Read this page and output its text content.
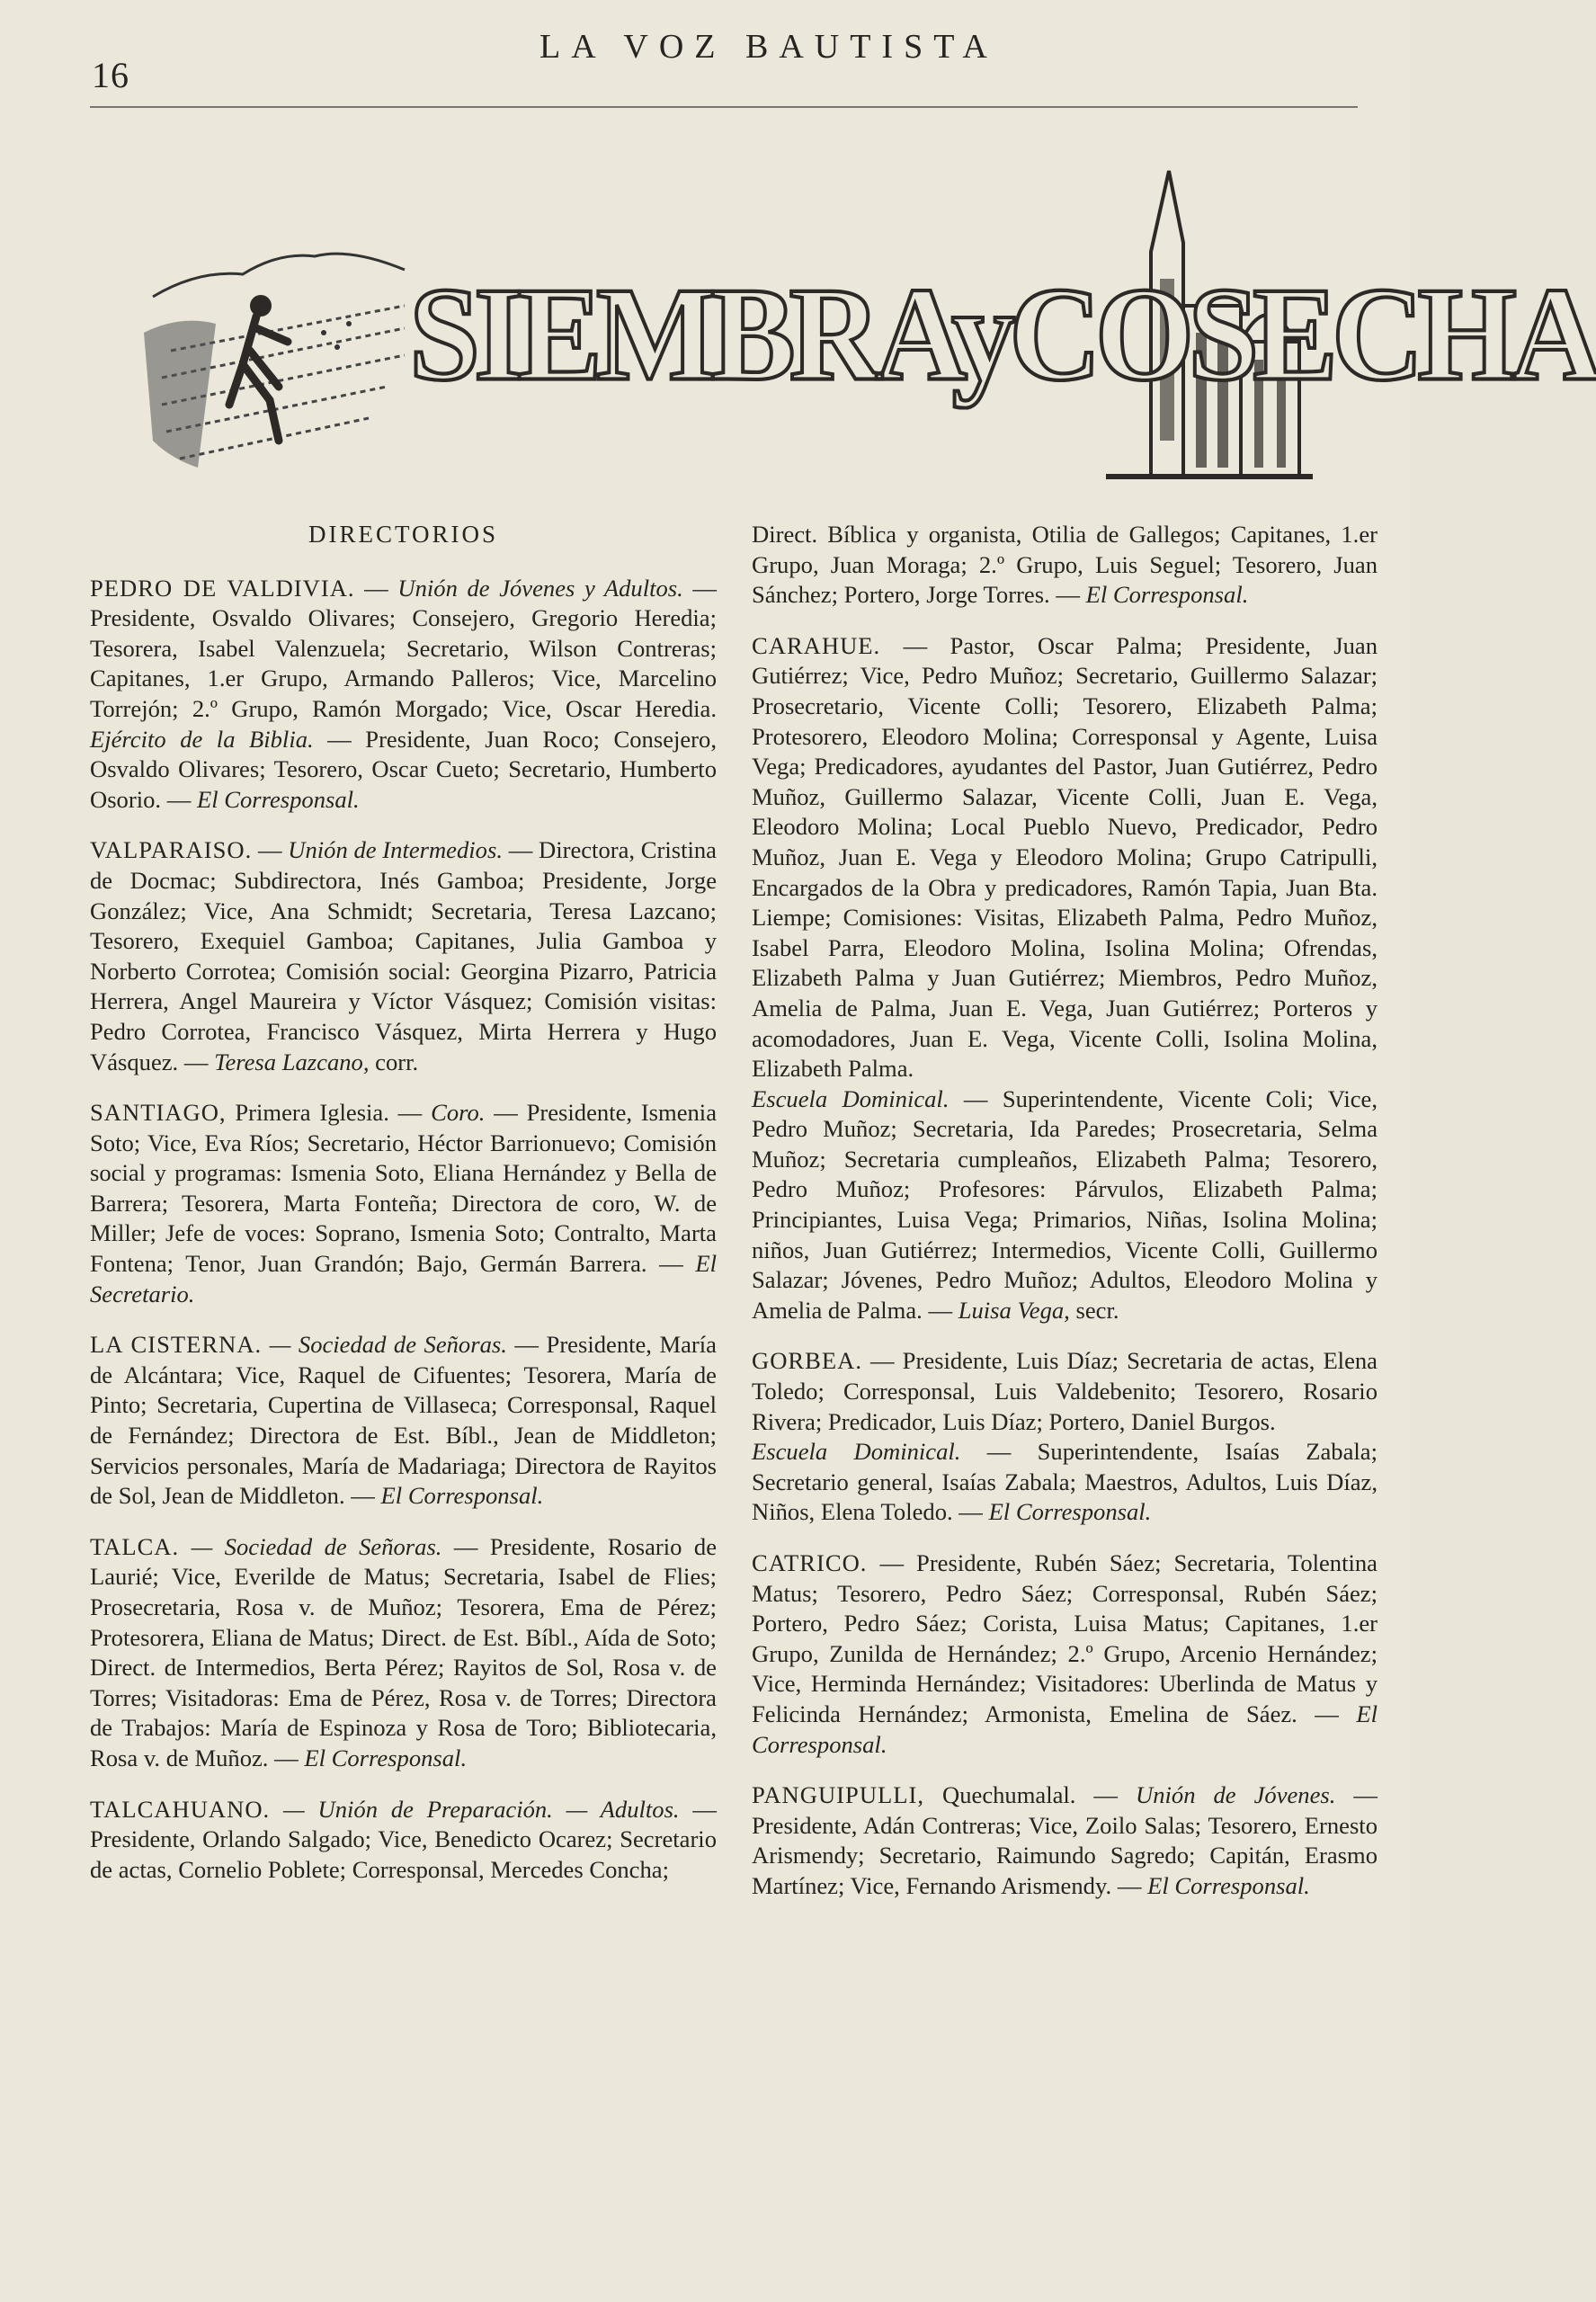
16
LA VOZ BAUTISTA
SIEMBRAyCOSECHA
DIRECTORIOS
PEDRO DE VALDIVIA. — Unión de Jóvenes y Adultos. — Presidente, Osvaldo Olivares; Consejero, Gregorio Heredia; Tesorera, Isabel Valenzuela; Secretario, Wilson Contreras; Capitanes, 1.er Grupo, Armando Palleros; Vice, Marcelino Torrejón; 2.º Grupo, Ramón Morgado; Vice, Oscar Heredia. Ejército de la Biblia. — Presidente, Juan Roco; Consejero, Osvaldo Olivares; Tesorero, Oscar Cueto; Secretario, Humberto Osorio. — El Corresponsal.
VALPARAISO. — Unión de Intermedios. — Directora, Cristina de Docmac; Subdirectora, Inés Gamboa; Presidente, Jorge González; Vice, Ana Schmidt; Secretaria, Teresa Lazcano; Tesorero, Exequiel Gamboa; Capitanes, Julia Gamboa y Norberto Corrotea; Comisión social: Georgina Pizarro, Patricia Herrera, Angel Maureira y Víctor Vásquez; Comisión visitas: Pedro Corrotea, Francisco Vásquez, Mirta Herrera y Hugo Vásquez. — Teresa Lazcano, corr.
SANTIAGO, Primera Iglesia. — Coro. — Presidente, Ismenia Soto; Vice, Eva Ríos; Secretario, Héctor Barrionuevo; Comisión social y programas: Ismenia Soto, Eliana Hernández y Bella de Barrera; Tesorera, Marta Fonteña; Directora de coro, W. de Miller; Jefe de voces: Soprano, Ismenia Soto; Contralto, Marta Fontena; Tenor, Juan Grandón; Bajo, Germán Barrera. — El Secretario.
LA CISTERNA. — Sociedad de Señoras. — Presidente, María de Alcántara; Vice, Raquel de Cifuentes; Tesorera, María de Pinto; Secretaria, Cupertina de Villaseca; Corresponsal, Raquel de Fernández; Directora de Est. Bíbl., Jean de Middleton; Servicios personales, María de Madariaga; Directora de Rayitos de Sol, Jean de Middleton. — El Corresponsal.
TALCA. — Sociedad de Señoras. — Presidente, Rosario de Laurié; Vice, Everilde de Matus; Secretaria, Isabel de Flies; Prosecretaria, Rosa v. de Muñoz; Tesorera, Ema de Pérez; Protesorera, Eliana de Matus; Direct. de Est. Bíbl., Aída de Soto; Direct. de Intermedios, Berta Pérez; Rayitos de Sol, Rosa v. de Torres; Visitadoras: Ema de Pérez, Rosa v. de Torres; Directora de Trabajos: María de Espinoza y Rosa de Toro; Bibliotecaria, Rosa v. de Muñoz. — El Corresponsal.
TALCAHUANO. — Unión de Preparación. — Adultos. — Presidente, Orlando Salgado; Vice, Benedicto Ocarez; Secretario de actas, Cornelio Poblete; Corresponsal, Mercedes Concha;
Direct. Bíblica y organista, Otilia de Gallegos; Capitanes, 1.er Grupo, Juan Moraga; 2.º Grupo, Luis Seguel; Tesorero, Juan Sánchez; Portero, Jorge Torres. — El Corresponsal.
CARAHUE. — Pastor, Oscar Palma; Presidente, Juan Gutiérrez; Vice, Pedro Muñoz; Secretario, Guillermo Salazar; Prosecretario, Vicente Colli; Tesorero, Elizabeth Palma; Protesorero, Eleodoro Molina; Corresponsal y Agente, Luisa Vega; Predicadores, ayudantes del Pastor, Juan Gutiérrez, Pedro Muñoz, Guillermo Salazar, Vicente Colli, Juan E. Vega, Eleodoro Molina; Local Pueblo Nuevo, Predicador, Pedro Muñoz, Juan E. Vega y Eleodoro Molina; Grupo Catripulli, Encargados de la Obra y predicadores, Ramón Tapia, Juan Bta. Liempe; Comisiones: Visitas, Elizabeth Palma, Pedro Muñoz, Isabel Parra, Eleodoro Molina, Isolina Molina; Ofrendas, Elizabeth Palma y Juan Gutiérrez; Miembros, Pedro Muñoz, Amelia de Palma, Juan E. Vega, Juan Gutiérrez; Porteros y acomodadores, Juan E. Vega, Vicente Colli, Isolina Molina, Elizabeth Palma.
Escuela Dominical. — Superintendente, Vicente Coli; Vice, Pedro Muñoz; Secretaria, Ida Paredes; Prosecretaria, Selma Muñoz; Secretaria cumpleaños, Elizabeth Palma; Tesorero, Pedro Muñoz; Profesores: Párvulos, Elizabeth Palma; Principiantes, Luisa Vega; Primarios, Niñas, Isolina Molina; niños, Juan Gutiérrez; Intermedios, Vicente Colli, Guillermo Salazar; Jóvenes, Pedro Muñoz; Adultos, Eleodoro Molina y Amelia de Palma. — Luisa Vega, secr.
GORBEA. — Presidente, Luis Díaz; Secretaria de actas, Elena Toledo; Corresponsal, Luis Valdebenito; Tesorero, Rosario Rivera; Predicador, Luis Díaz; Portero, Daniel Burgos.
Escuela Dominical. — Superintendente, Isaías Zabala; Secretario general, Isaías Zabala; Maestros, Adultos, Luis Díaz, Niños, Elena Toledo. — El Corresponsal.
CATRICO. — Presidente, Rubén Sáez; Secretaria, Tolentina Matus; Tesorero, Pedro Sáez; Corresponsal, Rubén Sáez; Portero, Pedro Sáez; Corista, Luisa Matus; Capitanes, 1.er Grupo, Zunilda de Hernández; 2.º Grupo, Arcenio Hernández; Vice, Herminda Hernández; Visitadores: Uberlinda de Matus y Felicinda Hernández; Armonista, Emelina de Sáez. — El Corresponsal.
PANGUIPULLI, Quechumalal. — Unión de Jóvenes. — Presidente, Adán Contreras; Vice, Zoilo Salas; Tesorero, Ernesto Arismendy; Secretario, Raimundo Sagredo; Capitán, Erasmo Martínez; Vice, Fernando Arismendy. — El Corresponsal.
